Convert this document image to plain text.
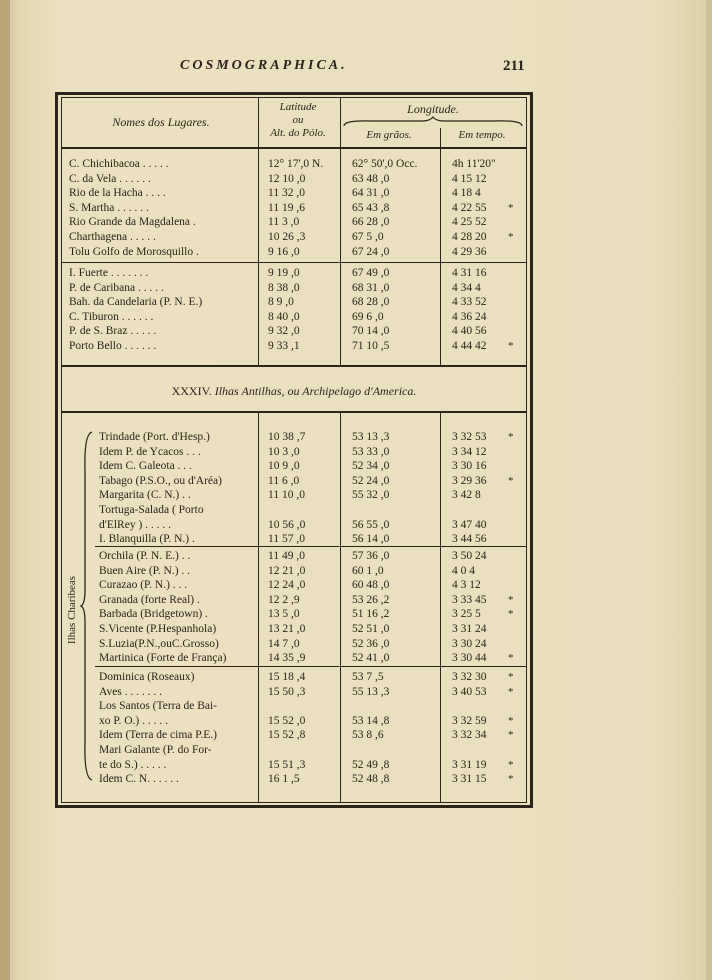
COSMOGRAPHICA.	211
Nomes dos Lugares.
Latitude
ou
Alt. do Pólo.
Longitude.
Em grãos.	Em tempo.
C. Chichibacoa . . . . .	12° 17',0 N.	62° 50',0 Occ.	4h 11'20"
C. da Vela . . . . . .	12 10 ,0	63 48 ,0	4 15 12
Rio de la Hacha . . . .	11 32 ,0	64 31 ,0	4 18 4
S. Martha . . . . . .	11 19 ,6	65 43 ,8	4 22 55 *
Rio Grande da Magdalena .	11 3 ,0	66 28 ,0	4 25 52
Charthagena . . . . .	10 26 ,3	67 5 ,0	4 28 20 *
Tolu Golfo de Morosquillo .	9 16 ,0	67 24 ,0	4 29 36
I. Fuerte . . . . . . .	9 19 ,0	67 49 ,0	4 31 16
P. de Caribana . . . . .	8 38 ,0	68 31 ,0	4 34 4
Bah. da Candelaria (P. N. E.)	8 9 ,0	68 28 ,0	4 33 52
C. Tiburon . . . . . .	8 40 ,0	69 6 ,0	4 36 24
P. de S. Braz . . . . .	9 32 ,0	70 14 ,0	4 40 56
Porto Bello . . . . . .	9 33 ,1	71 10 ,5	4 44 42 *
XXXIV. Ilhas Antilhas, ou Archipelago d'America.
Ilhas Charibeas
Trindade (Port. d'Hesp.)	10 38 ,7	53 13 ,3	3 32 53 *
Idem P. de Ycacos . . .	10 3 ,0	53 33 ,0	3 34 12
Idem C. Galeota . . .	10 9 ,0	52 34 ,0	3 30 16
Tabago (P.S.O., ou d'Aréa)	11 6 ,0	52 24 ,0	3 29 36 *
Margarita (C. N.) . .	11 10 ,0	55 32 ,0	3 42 8
Tortuga-Salada ( Porto
d'ElRey ) . . . . .	10 56 ,0	56 55 ,0	3 47 40
I. Blanquilla (P. N.) .	11 57 ,0	56 14 ,0	3 44 56
Orchila (P. N. E.) . .	11 49 ,0	57 36 ,0	3 50 24
Buen Aire (P. N.) . .	12 21 ,0	60 1 ,0	4 0 4
Curazao (P. N.) . . .	12 24 ,0	60 48 ,0	4 3 12
Granada (forte Real) .	12 2 ,9	53 26 ,2	3 33 45 *
Barbada (Bridgetown) .	13 5 ,0	51 16 ,2	3 25 5 *
S.Vicente (P.Hespanhola)	13 21 ,0	52 51 ,0	3 31 24
S.Luzia(P.N.,ouC.Grosso)	14 7 ,0	52 36 ,0	3 30 24
Martinica (Forte de França)	14 35 ,9	52 41 ,0	3 30 44 *
Dominica (Roseaux)	15 18 ,4	53 7 ,5	3 32 30 *
Aves . . . . . . .	15 50 ,3	55 13 ,3	3 40 53 *
Los Santos (Terra de Bai-
xo P. O.) . . . . .	15 52 ,0	53 14 ,8	3 32 59 *
Idem (Terra de cima P.E.)	15 52 ,8	53 8 ,6	3 32 34 *
Mari Galante (P. do For-
te do S.) . . . . .	15 51 ,3	52 49 ,8	3 31 19 *
Idem C. N. . . . . .	16 1 ,5	52 48 ,8	3 31 15 *
